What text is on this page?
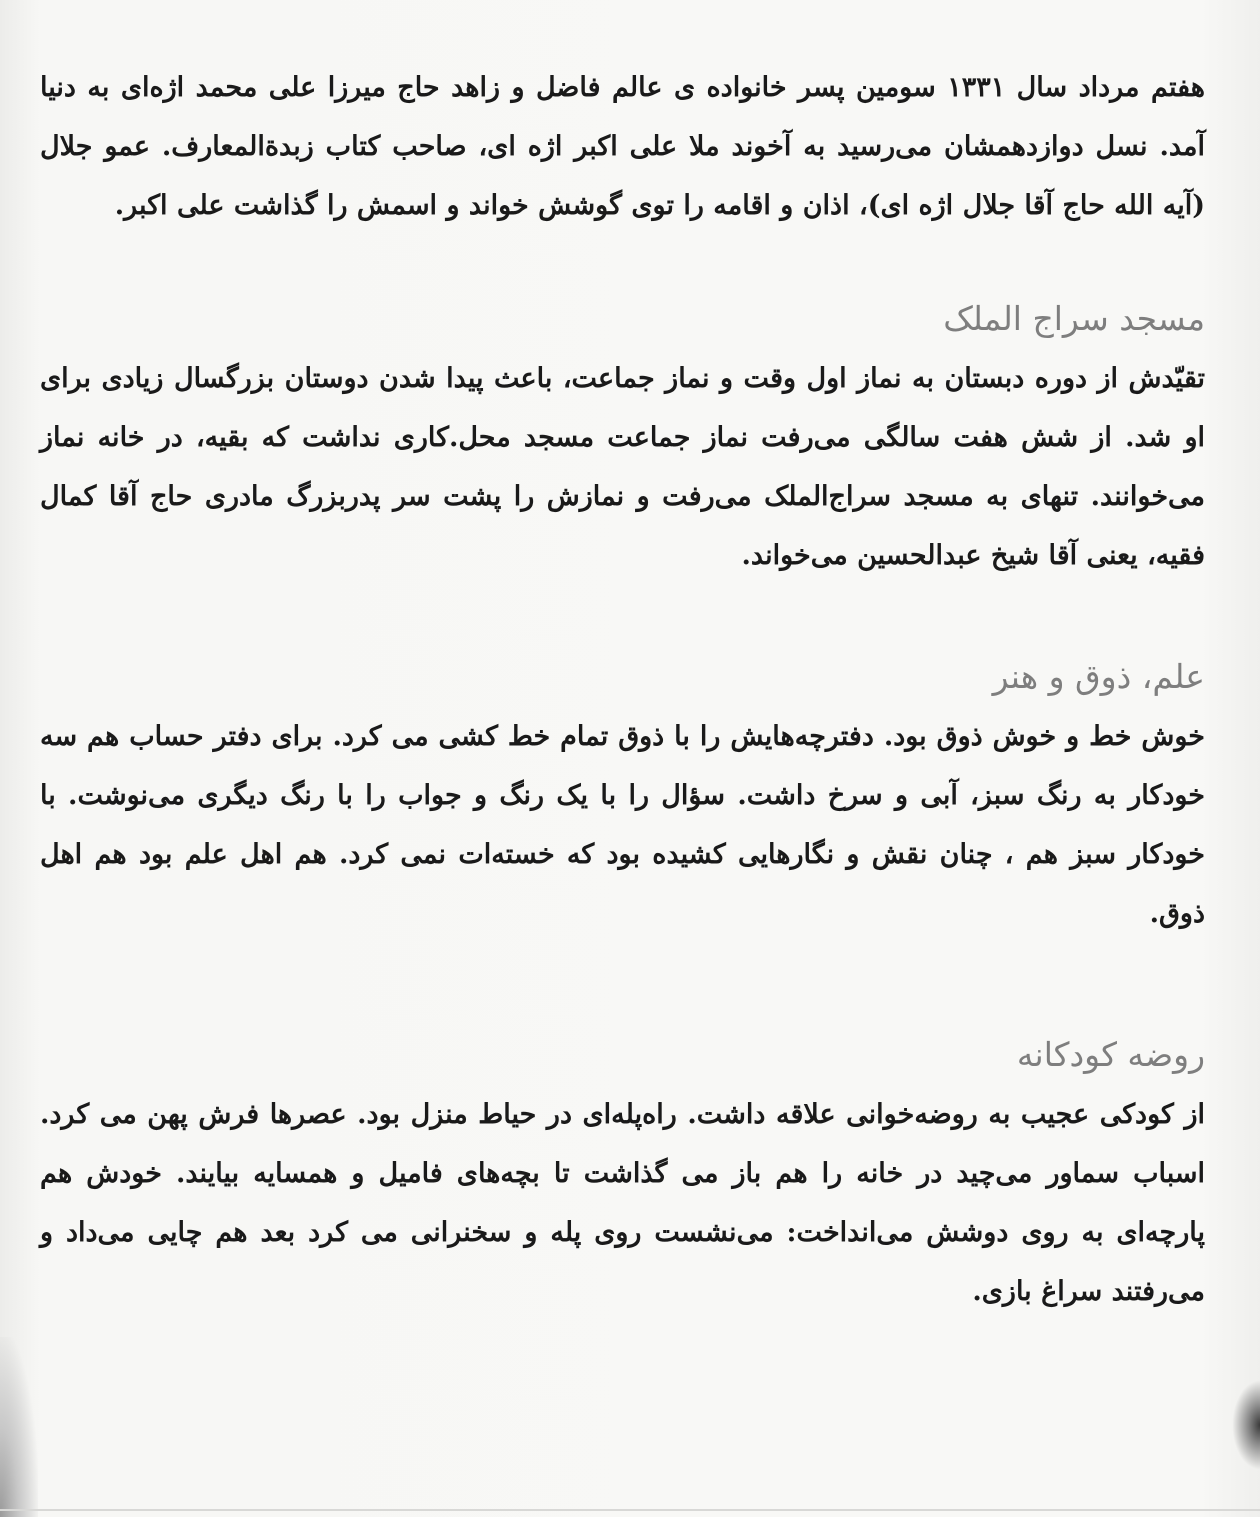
هفتم مرداد سال ۱۳۳۱ سومین پسر خانواده ی عالم فاضل و زاهد حاج میرزا علی محمد اژه‌ای به دنیا آمد. نسل دوازدهمشان می‌رسید به آخوند ملا علی اکبر اژه ای، صاحب کتاب زبدة‌المعارف. عمو جلال (آیه الله حاج آقا جلال اژه ای)، اذان و اقامه را توی گوشش خواند و اسمش را گذاشت علی اکبر.

مسجد سراج الملک

تقیّدش از دوره دبستان به نماز اول وقت و نماز جماعت، باعث پیدا شدن دوستان بزرگسال زیادی برای او شد. از شش هفت سالگی می‌رفت نماز جماعت مسجد محل.کاری نداشت که بقیه، در خانه نماز می‌خوانند. تنهای به مسجد سراج‌الملک می‌رفت و نمازش را پشت سر پدربزرگ مادری حاج آقا کمال فقیه، یعنی آقا شیخ عبدالحسین می‌خواند.

علم، ذوق و هنر

خوش خط و خوش ذوق بود. دفترچه‌هایش را با ذوق تمام خط کشی می کرد. برای دفتر حساب هم سه خودکار به رنگ سبز، آبی و سرخ داشت. سؤال را با یک رنگ و جواب را با رنگ دیگری می‌نوشت. با خودکار سبز هم ، چنان نقش و نگارهایی کشیده بود که خسته‌ات نمی کرد. هم اهل علم بود هم اهل ذوق.

روضه کودکانه

از کودکی عجیب به روضه‌خوانی علاقه داشت. راه‌پله‌ای در حیاط منزل بود. عصرها فرش پهن می کرد. اسباب سماور می‌چید در خانه را هم باز می گذاشت تا بچه‌های فامیل و همسایه بیایند. خودش هم پارچه‌ای به روی دوشش می‌انداخت: می‌نشست روی پله و سخنرانی می کرد بعد هم چایی می‌داد و می‌رفتند سراغ بازی.
